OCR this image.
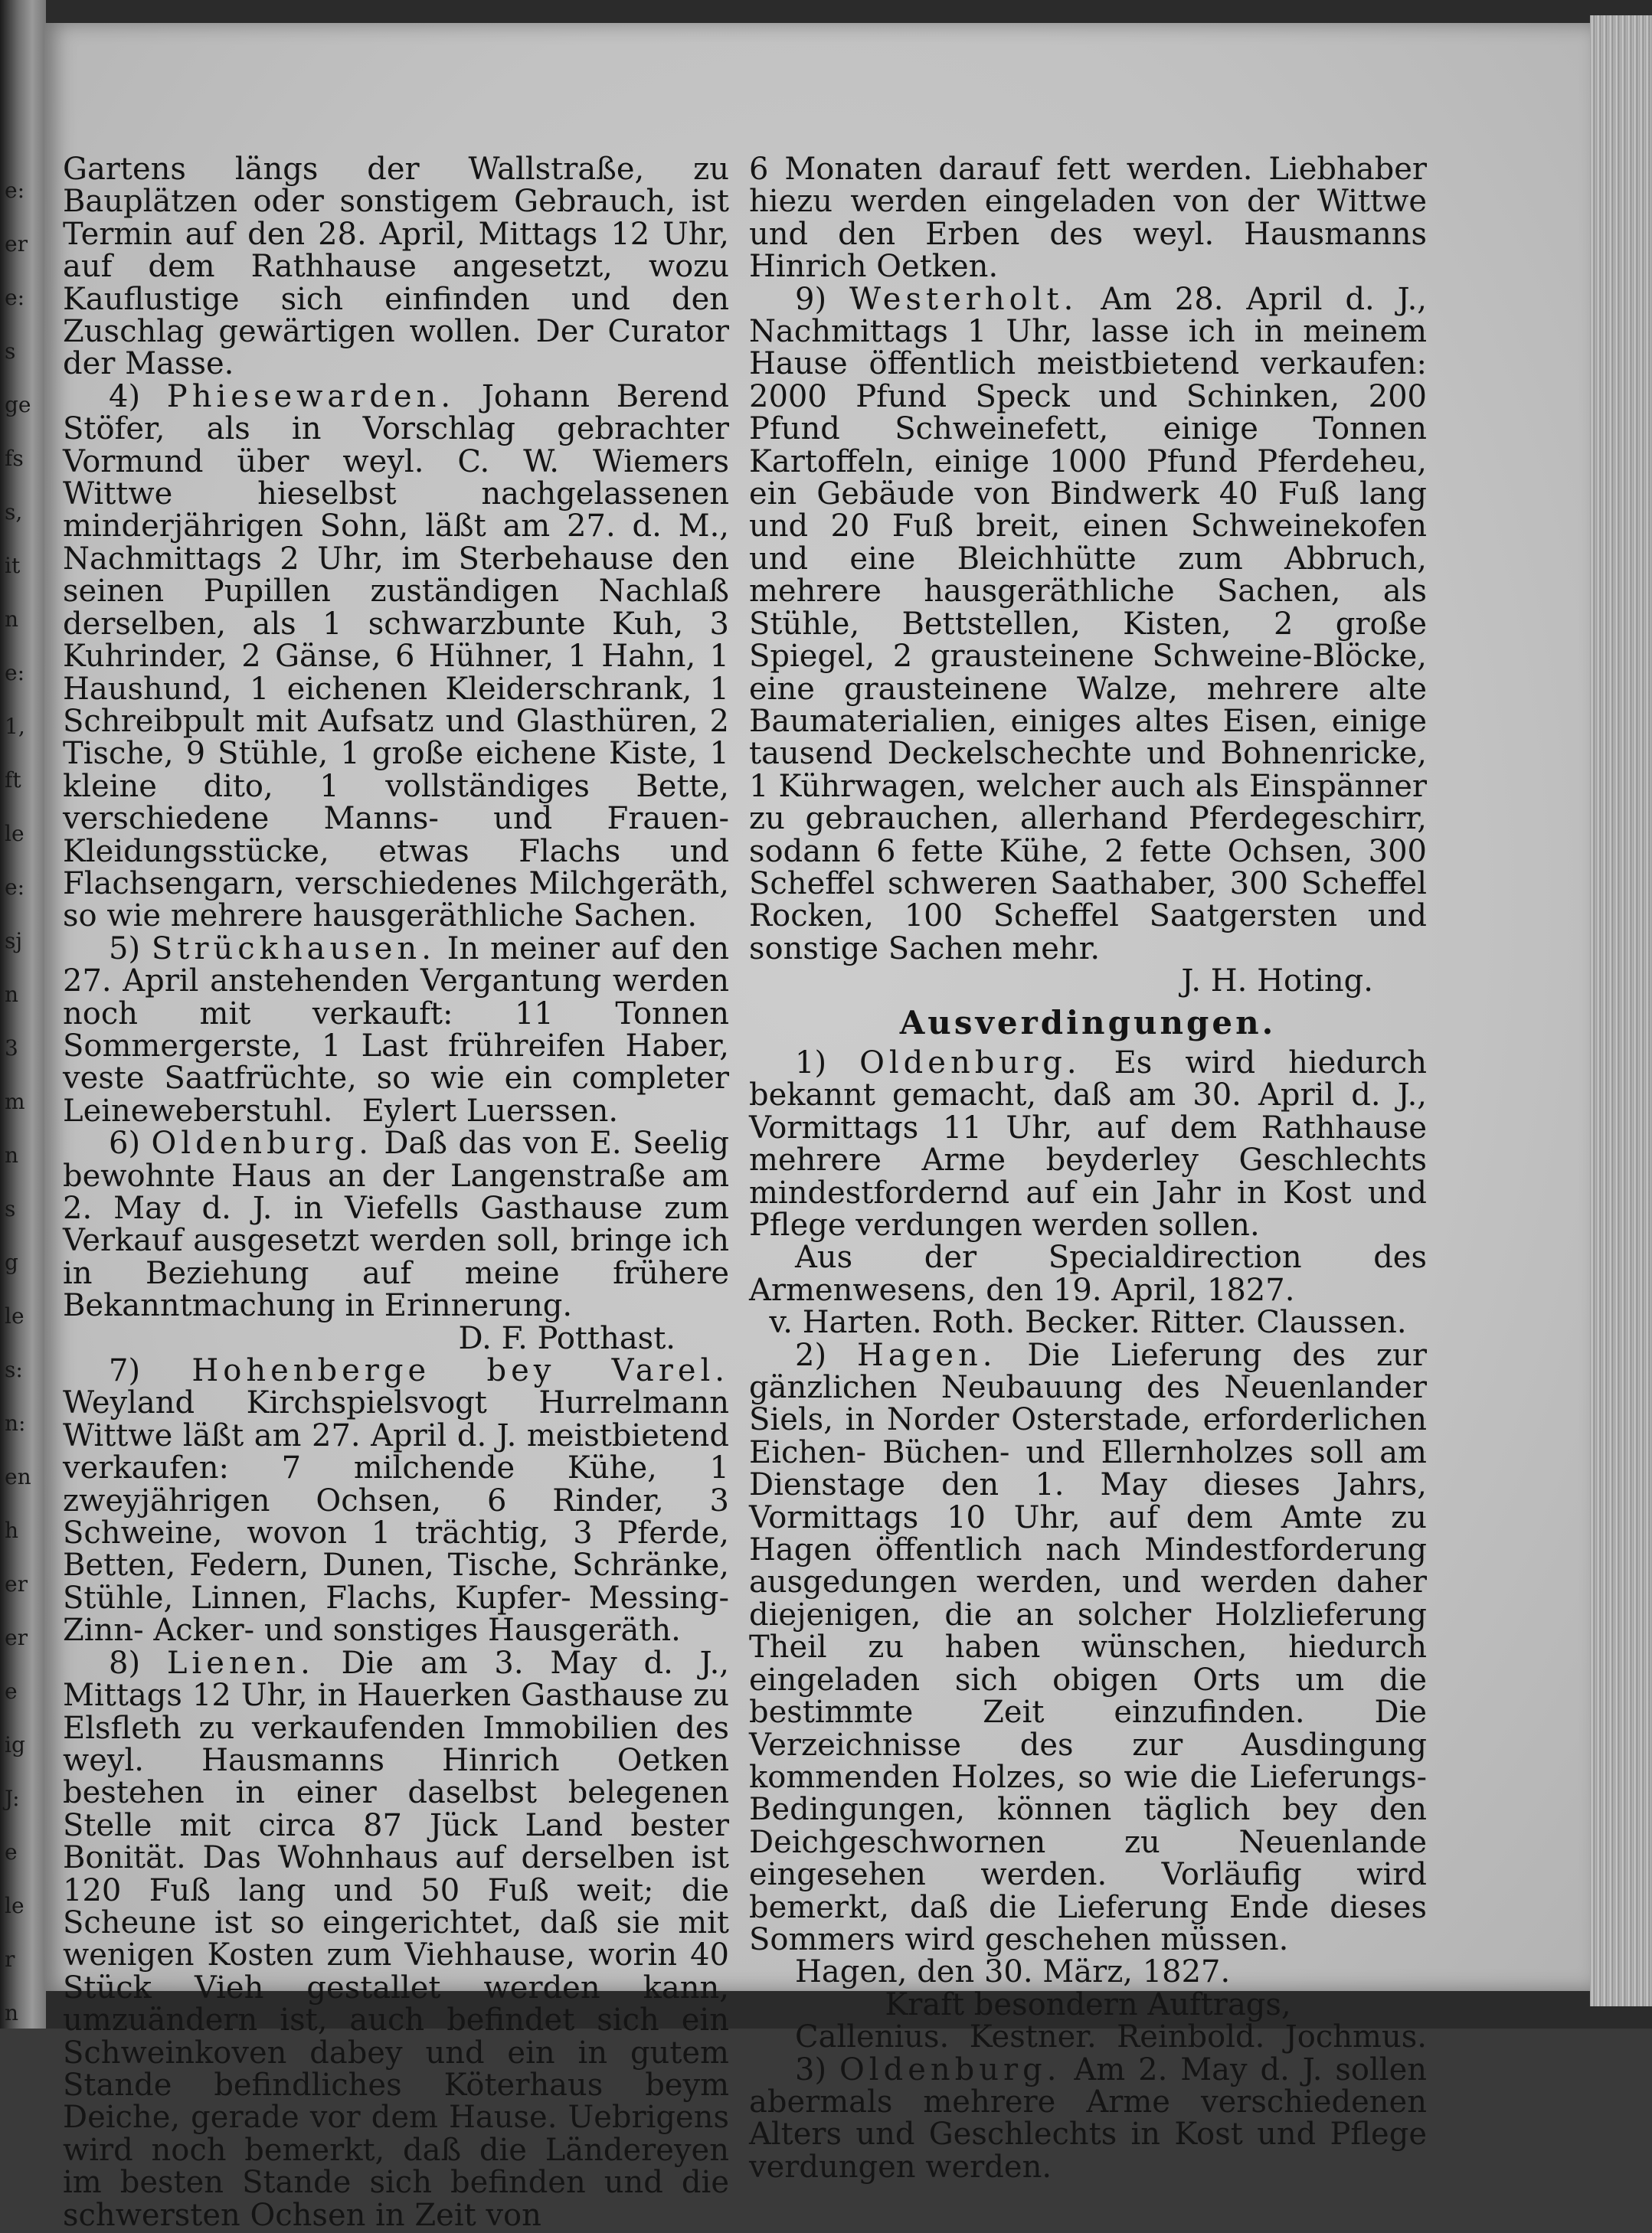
e:
er
e:
s
ge
fs
s,
it
n
e:
1,
ft
le
e:
sj
n
3
m
n
s
g
le
s:
n:
en
h
er
er
e
ig
J:
e
le
r
n

Gartens längs der Wallstraße, zu Bauplätzen oder sonstigem Gebrauch, ist Termin auf den 28. April, Mittags 12 Uhr, auf dem Rathhause angesetzt, wozu Kauflustige sich einfinden und den Zuschlag gewärtigen wollen. Der Curator der Masse.

4) Phiesewarden. Johann Berend Stöfer, als in Vorschlag gebrachter Vormund über weyl. C. W. Wiemers Wittwe hieselbst nachgelassenen minderjährigen Sohn, läßt am 27. d. M., Nachmittags 2 Uhr, im Sterbehause den seinen Pupillen zuständigen Nachlaß derselben, als 1 schwarzbunte Kuh, 3 Kuhrinder, 2 Gänse, 6 Hühner, 1 Hahn, 1 Haushund, 1 eichenen Kleiderschrank, 1 Schreibpult mit Aufsatz und Glasthüren, 2 Tische, 9 Stühle, 1 große eichene Kiste, 1 kleine dito, 1 vollständiges Bette, verschiedene Manns- und Frauen-Kleidungsstücke, etwas Flachs und Flachsengarn, verschiedenes Milchgeräth, so wie mehrere hausgeräthliche Sachen.

5) Strückhausen. In meiner auf den 27. April anstehenden Vergantung werden noch mit verkauft: 11 Tonnen Sommergerste, 1 Last frühreifen Haber, veste Saatfrüchte, so wie ein completer Leineweberstuhl. Eylert Luerssen.

6) Oldenburg. Daß das von E. Seelig bewohnte Haus an der Langenstraße am 2. May d. J. in Viefells Gasthause zum Verkauf ausgesetzt werden soll, bringe ich in Beziehung auf meine frühere Bekanntmachung in Erinnerung.

D. F. Potthast.

7) Hohenberge bey Varel. Weyland Kirchspielsvogt Hurrelmann Wittwe läßt am 27. April d. J. meistbietend verkaufen: 7 milchende Kühe, 1 zweyjährigen Ochsen, 6 Rinder, 3 Schweine, wovon 1 trächtig, 3 Pferde, Betten, Federn, Dunen, Tische, Schränke, Stühle, Linnen, Flachs, Kupfer- Messing- Zinn- Acker- und sonstiges Hausgeräth.

8) Lienen. Die am 3. May d. J., Mittags 12 Uhr, in Hauerken Gasthause zu Elsfleth zu verkaufenden Immobilien des weyl. Hausmanns Hinrich Oetken bestehen in einer daselbst belegenen Stelle mit circa 87 Jück Land bester Bonität. Das Wohnhaus auf derselben ist 120 Fuß lang und 50 Fuß weit; die Scheune ist so eingerichtet, daß sie mit wenigen Kosten zum Viehhause, worin 40 Stück Vieh gestallet werden kann, umzuändern ist, auch befindet sich ein Schweinkoven dabey und ein in gutem Stande befindliches Köterhaus beym Deiche, gerade vor dem Hause. Uebrigens wird noch bemerkt, daß die Ländereyen im besten Stande sich befinden und die schwersten Ochsen in Zeit von

6 Monaten darauf fett werden. Liebhaber hiezu werden eingeladen von der Wittwe und den Erben des weyl. Hausmanns Hinrich Oetken.

9) Westerholt. Am 28. April d. J., Nachmittags 1 Uhr, lasse ich in meinem Hause öffentlich meistbietend verkaufen: 2000 Pfund Speck und Schinken, 200 Pfund Schweinefett, einige Tonnen Kartoffeln, einige 1000 Pfund Pferdeheu, ein Gebäude von Bindwerk 40 Fuß lang und 20 Fuß breit, einen Schweinekofen und eine Bleichhütte zum Abbruch, mehrere hausgeräthliche Sachen, als Stühle, Bettstellen, Kisten, 2 große Spiegel, 2 grausteinene Schweine-Blöcke, eine grausteinene Walze, mehrere alte Baumaterialien, einiges altes Eisen, einige tausend Deckelschechte und Bohnenricke, 1 Kührwagen, welcher auch als Einspänner zu gebrauchen, allerhand Pferdegeschirr, sodann 6 fette Kühe, 2 fette Ochsen, 300 Scheffel schweren Saathaber, 300 Scheffel Rocken, 100 Scheffel Saatgersten und sonstige Sachen mehr.

J. H. Hoting.

Ausverdingungen.

1) Oldenburg. Es wird hiedurch bekannt gemacht, daß am 30. April d. J., Vormittags 11 Uhr, auf dem Rathhause mehrere Arme beyderley Geschlechts mindestfordernd auf ein Jahr in Kost und Pflege verdungen werden sollen.

Aus der Specialdirection des Armenwesens, den 19. April, 1827.

v. Harten. Roth. Becker. Ritter. Claussen.

2) Hagen. Die Lieferung des zur gänzlichen Neubauung des Neuenlander Siels, in Norder Osterstade, erforderlichen Eichen- Büchen- und Ellernholzes soll am Dienstage den 1. May dieses Jahrs, Vormittags 10 Uhr, auf dem Amte zu Hagen öffentlich nach Mindestforderung ausgedungen werden, und werden daher diejenigen, die an solcher Holzlieferung Theil zu haben wünschen, hiedurch eingeladen sich obigen Orts um die bestimmte Zeit einzufinden. Die Verzeichnisse des zur Ausdingung kommenden Holzes, so wie die Lieferungs-Bedingungen, können täglich bey den Deichgeschwornen zu Neuenlande eingesehen werden. Vorläufig wird bemerkt, daß die Lieferung Ende dieses Sommers wird geschehen müssen.

Hagen, den 30. März, 1827.

Kraft besondern Auftrags,

Callenius. Kestner. Reinbold. Jochmus.

3) Oldenburg. Am 2. May d. J. sollen abermals mehrere Arme verschiedenen Alters und Geschlechts in Kost und Pflege verdungen werden.
